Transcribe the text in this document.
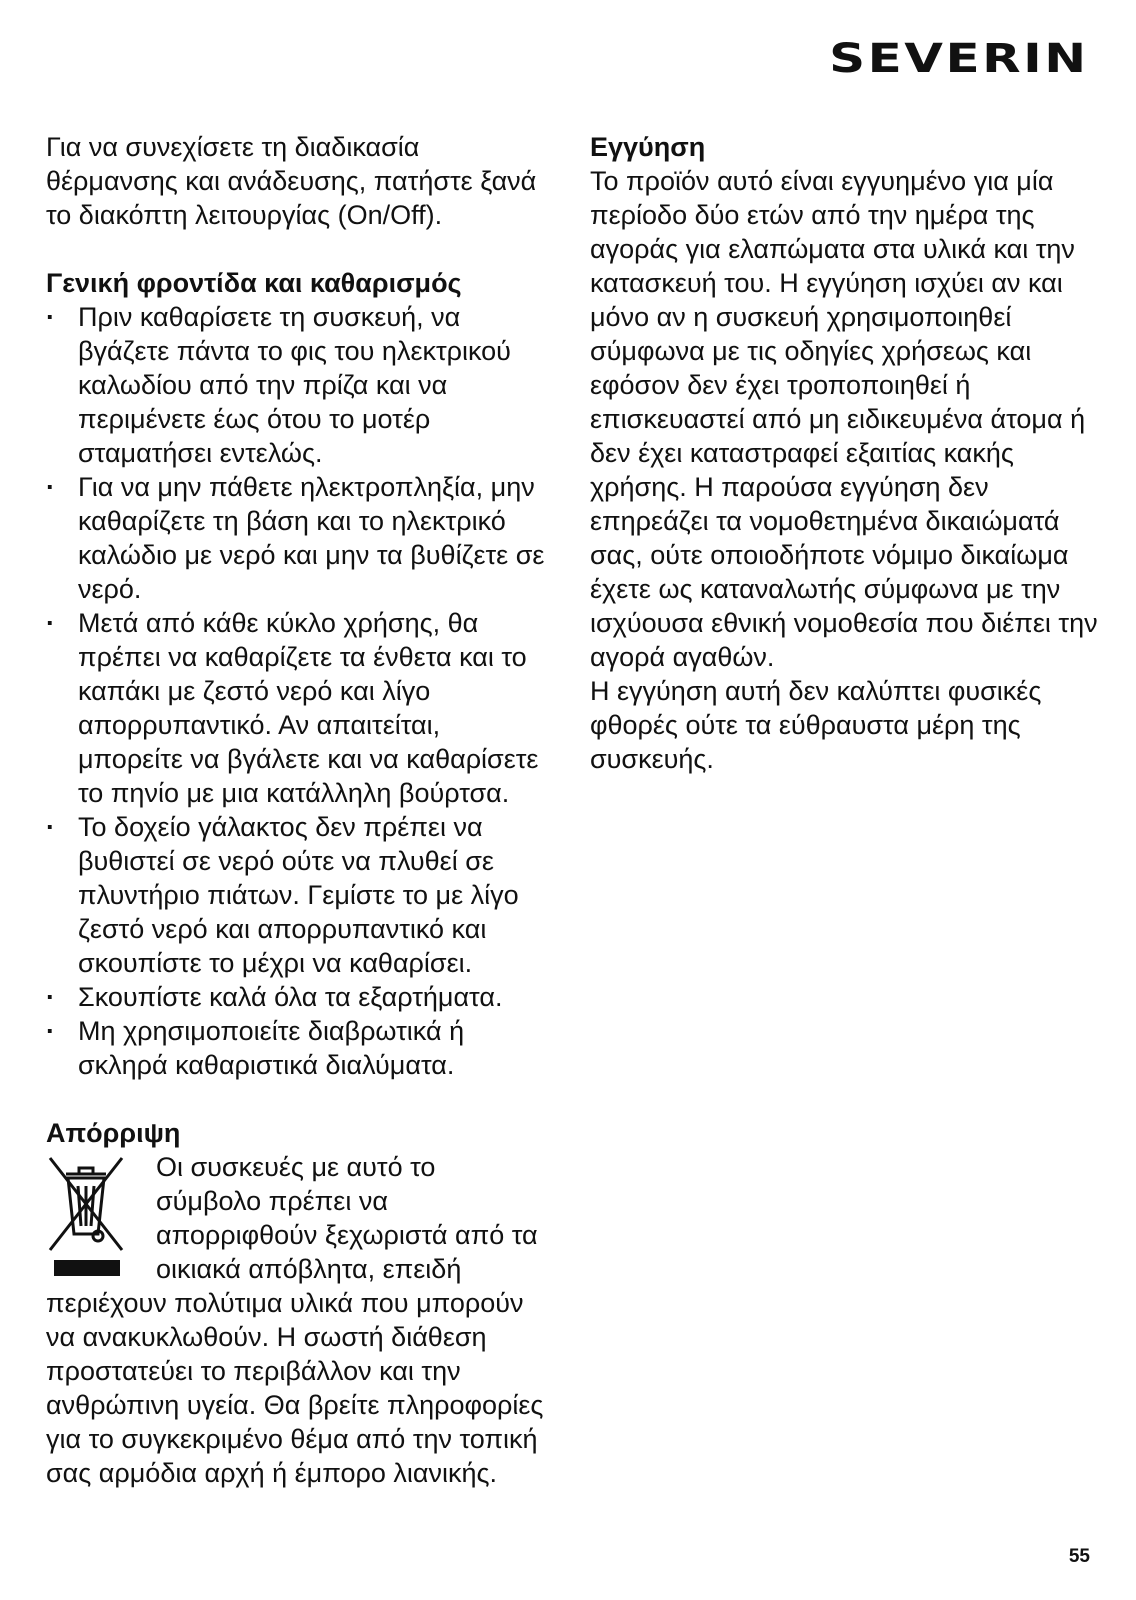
SEVERIN

Για να συνεχίσετε τη διαδικασία θέρμανσης και ανάδευσης, πατήστε ξανά το διακόπτη λειτουργίας (On/Off).

Γενική φροντίδα και καθαρισμός
· Πριν καθαρίσετε τη συσκευή, να βγάζετε πάντα το φις του ηλεκτρικού καλωδίου από την πρίζα και να περιμένετε έως ότου το μοτέρ σταματήσει εντελώς.
· Για να μην πάθετε ηλεκτροπληξία, μην καθαρίζετε τη βάση και το ηλεκτρικό καλώδιο με νερό και μην τα βυθίζετε σε νερό.
· Μετά από κάθε κύκλο χρήσης, θα πρέπει να καθαρίζετε τα ένθετα και το καπάκι με ζεστό νερό και λίγο απορρυπαντικό. Αν απαιτείται, μπορείτε να βγάλετε και να καθαρίσετε το πηνίο με μια κατάλληλη βούρτσα.
· Το δοχείο γάλακτος δεν πρέπει να βυθιστεί σε νερό ούτε να πλυθεί σε πλυντήριο πιάτων. Γεμίστε το με λίγο ζεστό νερό και απορρυπαντικό και σκουπίστε το μέχρι να καθαρίσει.
· Σκουπίστε καλά όλα τα εξαρτήματα.
· Μη χρησιμοποιείτε διαβρωτικά ή σκληρά καθαριστικά διαλύματα.
Απόρριψη

Οι συσκευές με αυτό το σύμβολο πρέπει να απορριφθούν ξεχωριστά από τα οικιακά απόβλητα, επειδή περιέχουν πολύτιμα υλικά που μπορούν να ανακυκλωθούν. Η σωστή διάθεση προστατεύει το περιβάλλον και την ανθρώπινη υγεία. Θα βρείτε πληροφορίες για το συγκεκριμένο θέμα από την τοπική σας αρμόδια αρχή ή έμπορο λιανικής.

Εγγύηση

Το προϊόν αυτό είναι εγγυημένο για μία περίοδο δύο ετών από την ημέρα της αγοράς για ελαπώματα στα υλικά και την κατασκευή του. Η εγγύηση ισχύει αν και μόνο αν η συσκευή χρησιμοποιηθεί σύμφωνα με τις οδηγίες χρήσεως και εφόσον δεν έχει τροποποιηθεί ή επισκευαστεί από μη ειδικευμένα άτομα ή δεν έχει καταστραφεί εξαιτίας κακής χρήσης. Η παρούσα εγγύηση δεν επηρεάζει τα νομοθετημένα δικαιώματά σας, ούτε οποιοδήποτε νόμιμο δικαίωμα έχετε ως καταναλωτής σύμφωνα με την ισχύουσα εθνική νομοθεσία που διέπει την αγορά αγαθών.

Η εγγύηση αυτή δεν καλύπτει φυσικές φθορές ούτε τα εύθραυστα μέρη της συσκευής.

55
